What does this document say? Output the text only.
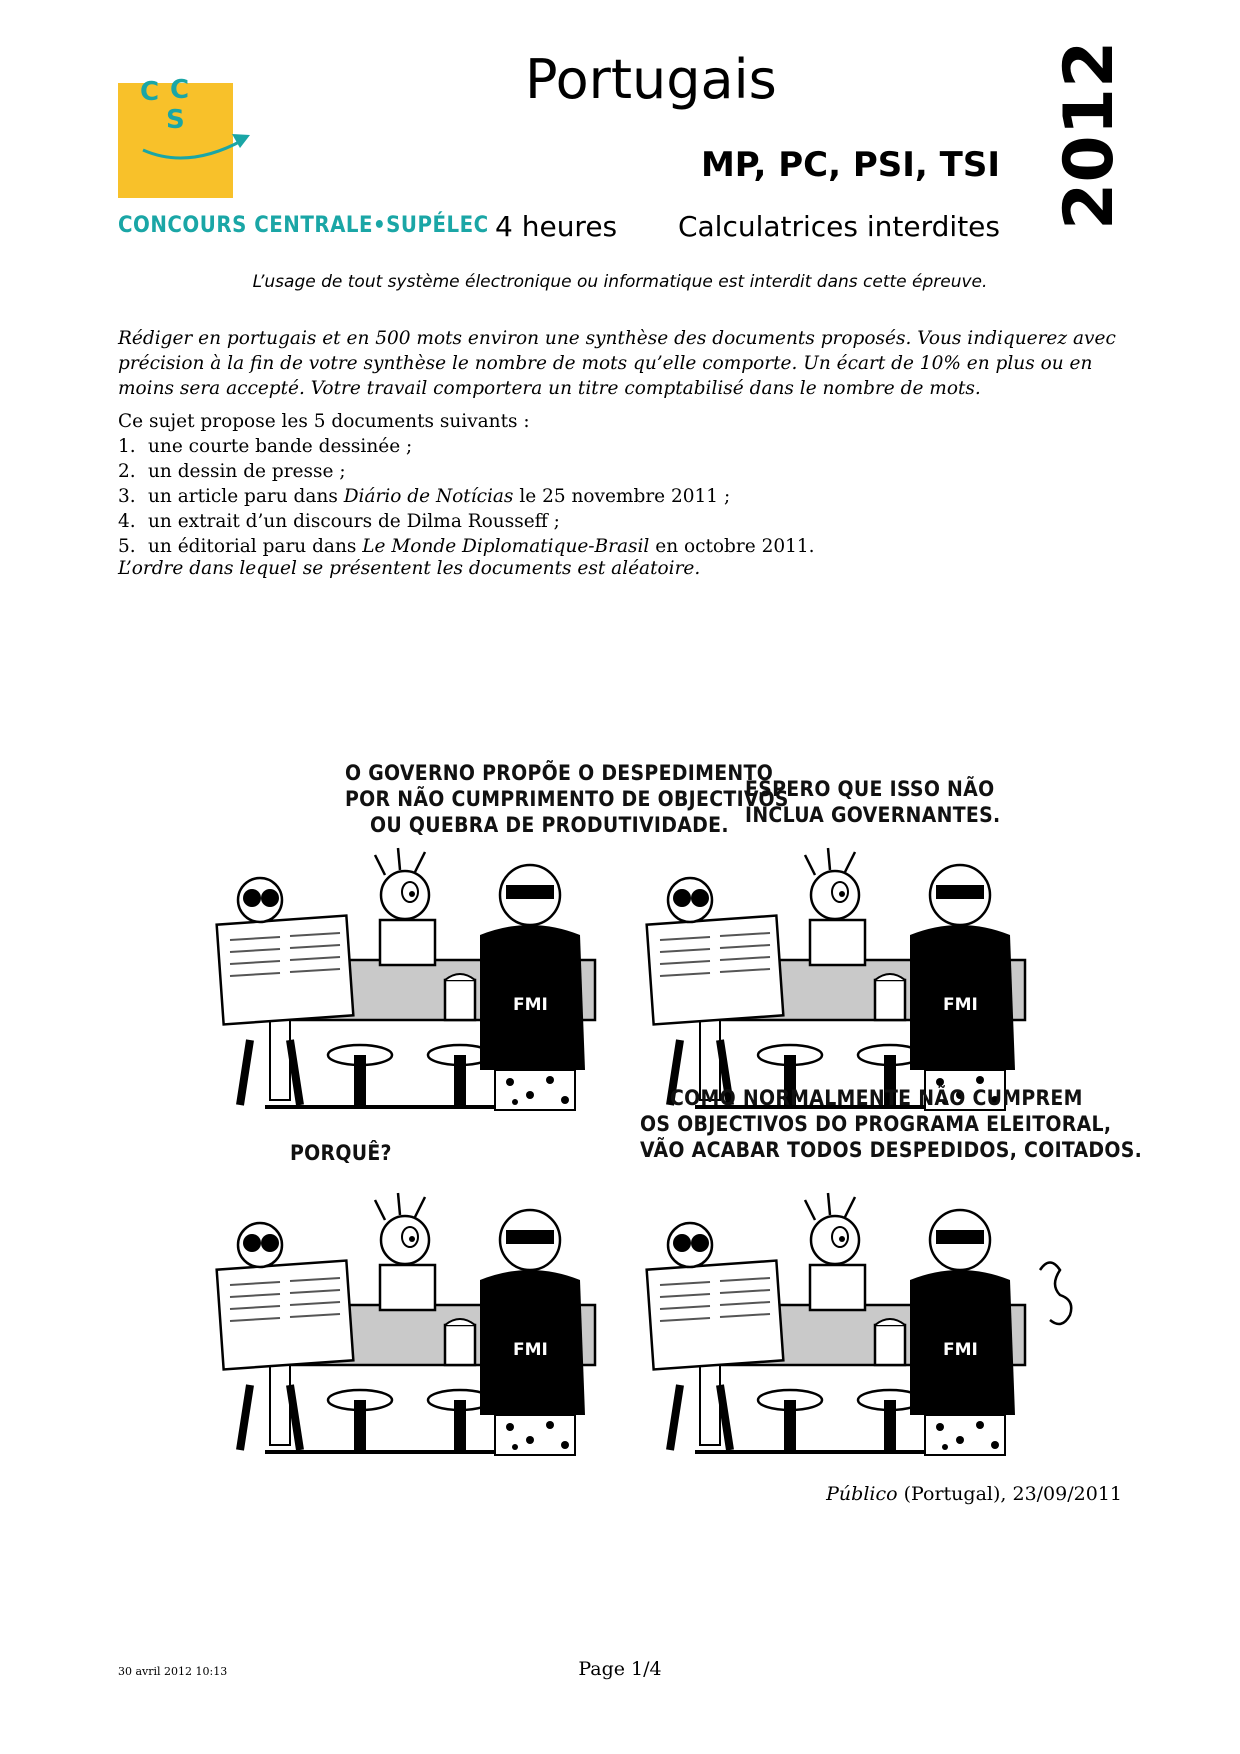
C C
S
CONCOURS CENTRALE•SUPÉLEC
Portugais
MP, PC, PSI, TSI
4 heures Calculatrices interdites 2012
L’usage de tout système électronique ou informatique est interdit dans cette épreuve.
Rédiger en portugais et en 500 mots environ une synthèse des documents proposés. Vous indiquerez avec précision à la fin de votre synthèse le nombre de mots qu’elle comporte. Un écart de 10% en plus ou en moins sera accepté. Votre travail comportera un titre comptabilisé dans le nombre de mots.
Ce sujet propose les 5 documents suivants :
1. une courte bande dessinée ;
2. un dessin de presse ;
3. un article paru dans Diário de Notícias le 25 novembre 2011 ;
4. un extrait d’un discours de Dilma Rousseff ;
5. un éditorial paru dans Le Monde Diplomatique-Brasil en octobre 2011.
L’ordre dans lequel se présentent les documents est aléatoire.
O GOVERNO PROPÕE O DESPEDIMENTO
POR NÃO CUMPRIMENTO DE OBJECTIVOS
OU QUEBRA DE PRODUTIVIDADE.
ESPERO QUE ISSO NÃO
INCLUA GOVERNANTES.
PORQUÊ?
COMO NORMALMENTE NÃO CUMPREM
OS OBJECTIVOS DO PROGRAMA ELEITORAL,
VÃO ACABAR TODOS DESPEDIDOS, COITADOS.
Público (Portugal), 23/09/2011
30 avril 2012 10:13	Page 1/4
